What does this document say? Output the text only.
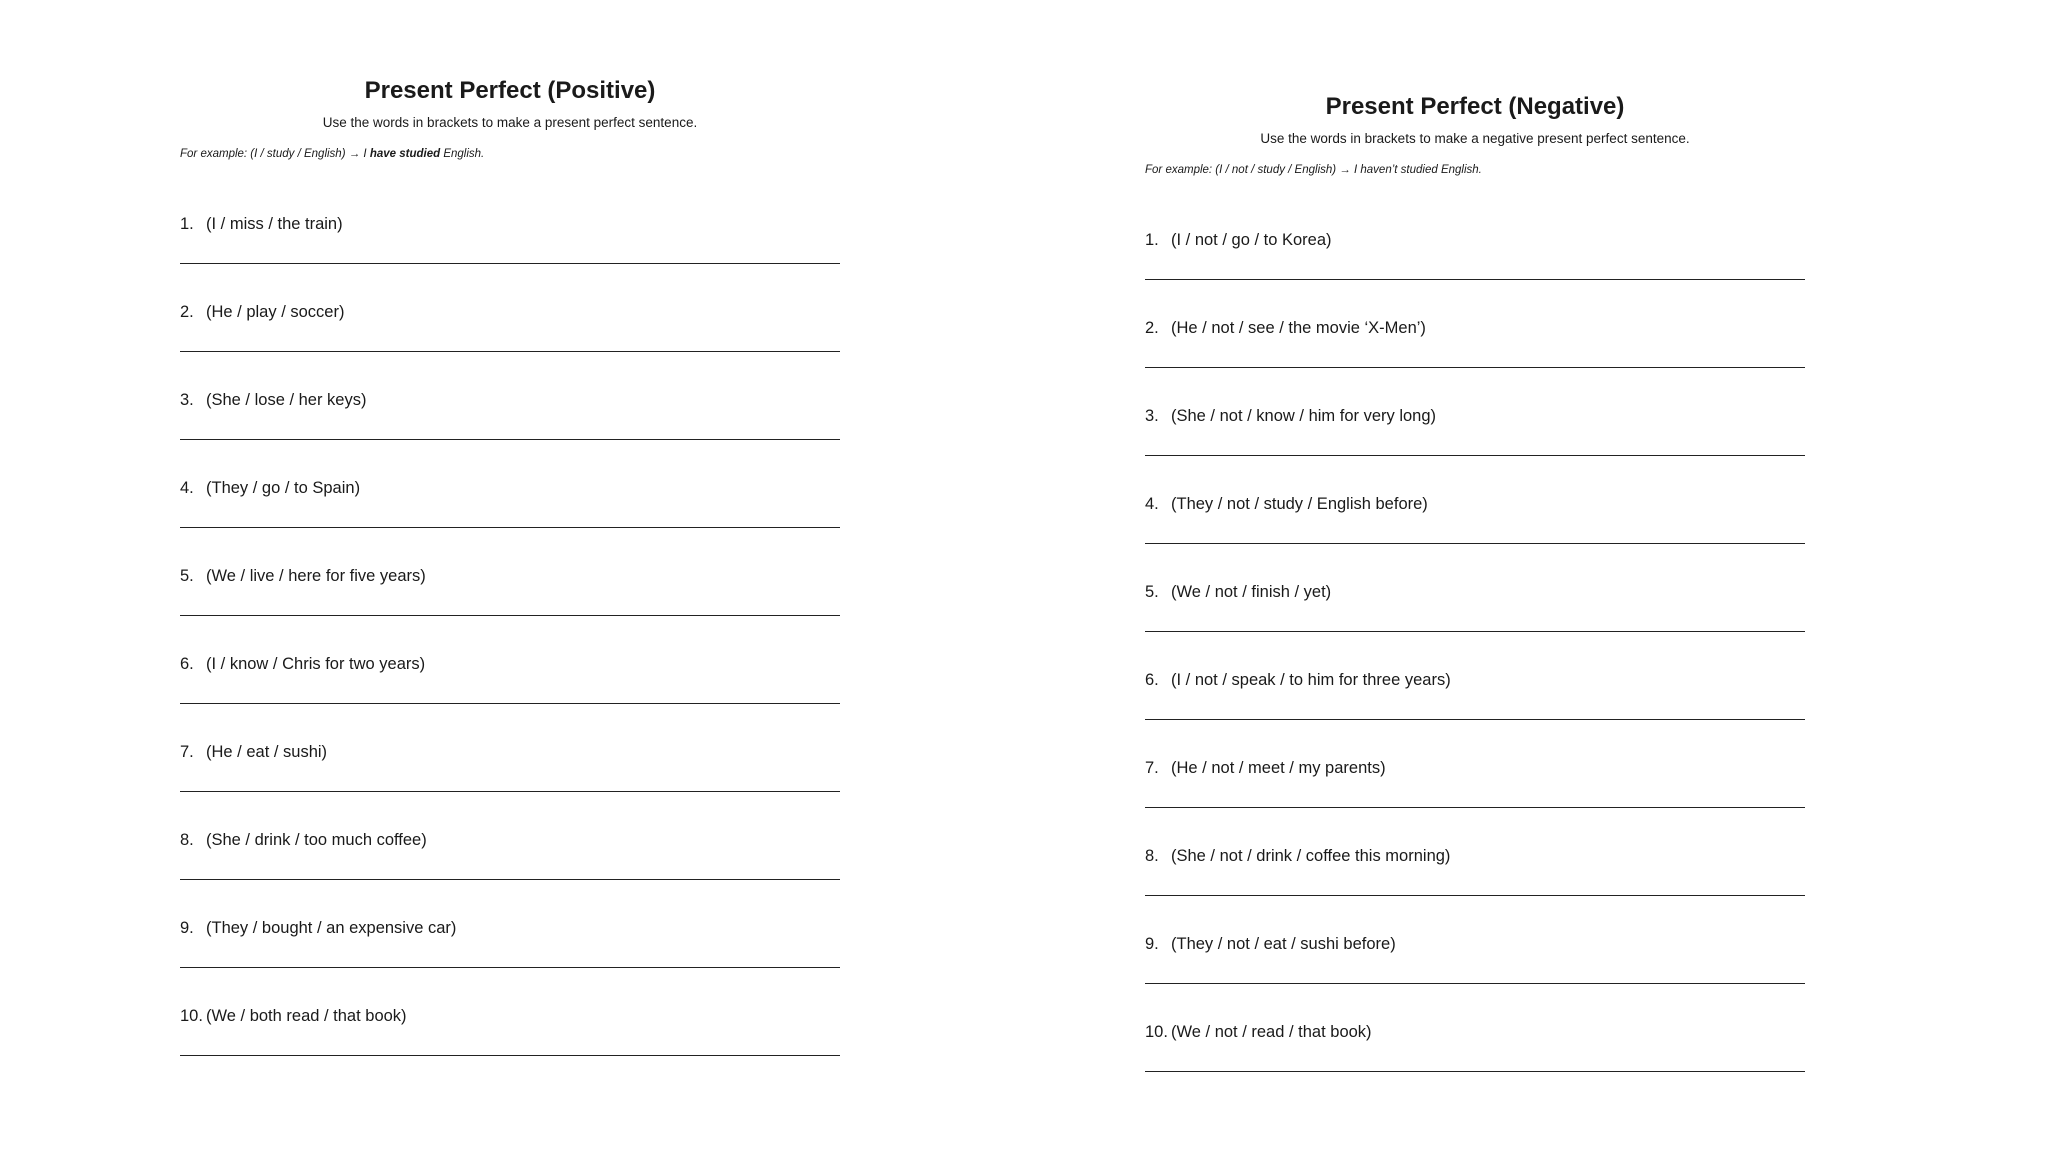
Present Perfect (Positive)
Use the words in brackets to make a present perfect sentence.
For example: (I / study / English) → I have studied English.
1. (I / miss / the train)
2. (He / play / soccer)
3. (She / lose / her keys)
4. (They / go / to Spain)
5. (We / live / here for five years)
6. (I / know / Chris for two years)
7. (He / eat / sushi)
8. (She / drink / too much coffee)
9. (They / bought / an expensive car)
10. (We / both read / that book)
Present Perfect (Negative)
Use the words in brackets to make a negative present perfect sentence.
For example: (I / not / study / English) → I haven’t studied English.
1. (I / not / go / to Korea)
2. (He / not / see / the movie ‘X-Men’)
3. (She / not / know / him for very long)
4. (They / not / study / English before)
5. (We / not / finish / yet)
6. (I / not / speak / to him for three years)
7. (He / not / meet / my parents)
8. (She / not / drink / coffee this morning)
9. (They / not / eat / sushi before)
10. (We / not / read / that book)
